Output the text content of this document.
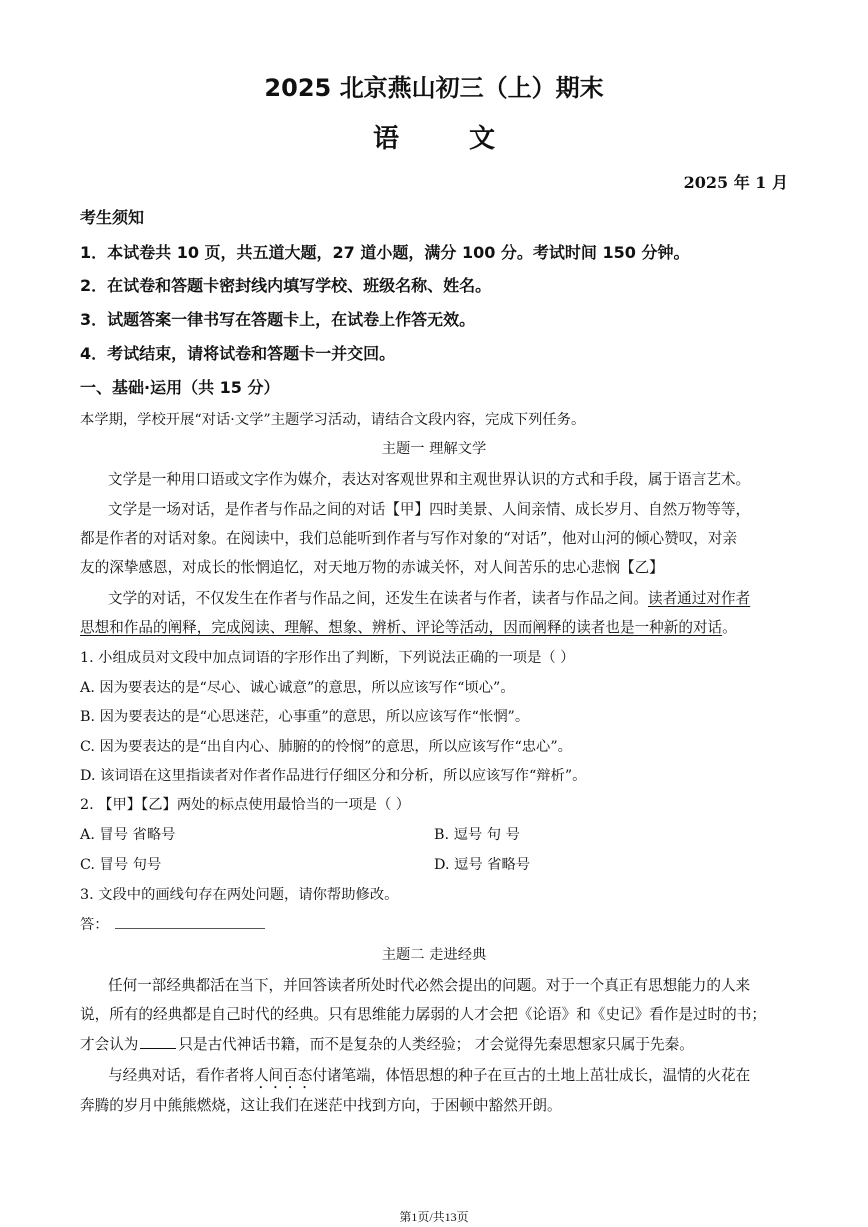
2025 北京燕山初三（上）期末
语	文
2025 年 1 月
考生须知
1．本试卷共 10 页，共五道大题，27 道小题，满分 100 分。考试时间 150 分钟。
2．在试卷和答题卡密封线内填写学校、班级名称、姓名。
3．试题答案一律书写在答题卡上，在试卷上作答无效。
4．考试结束，请将试卷和答题卡一并交回。
一、基础·运用（共 15 分）
本学期，学校开展“对话·文学”主题学习活动，请结合文段内容，完成下列任务。
主题一 理解文学
文学是一种用口语或文字作为媒介，表达对客观世界和主观世界认识的方式和手段，属于语言艺术。
文学是一场对话，是作者与作品之间的对话【甲】四时美景、人间亲情、成长岁月、自然万物等等，
都是作者的对话对象。在阅读中，我们总能听到作者与写作对象的“对话”，他对山河的倾心赞叹，对亲
友的深挚感恩，对成长的怅惘追忆，对天地万物的赤诚关怀，对人间苦乐的忠心悲悯【乙】
文学的对话，不仅发生在作者与作品之间，还发生在读者与作者，读者与作品之间。读者通过对作者
思想和作品的阐释，完成阅读、理解、想象、辨析、评论等活动，因而阐释的读者也是一种新的对话。
1. 小组成员对文段中加点词语的字形作出了判断，下列说法正确的一项是（ ）
A. 因为要表达的是“尽心、诚心诚意”的意思，所以应该写作“顷心”。
B. 因为要表达的是“心思迷茫，心事重”的意思，所以应该写作“怅惘”。
C. 因为要表达的是“出自内心、肺腑的的怜悯”的意思，所以应该写作“忠心”。
D. 该词语在这里指读者对作者作品进行仔细区分和分析，所以应该写作“辩析”。
2. 【甲】【乙】两处的标点使用最恰当的一项是（ ）
A. 冒号 省略号	B. 逗号 句 号
C. 冒号 句号	D. 逗号 省略号
3. 文段中的画线句存在两处问题，请你帮助修改。
答：
主题二 走进经典
任何一部经典都活在当下，并回答读者所处时代必然会提出的问题。对于一个真正有思想能力的人来
说，所有的经典都是自己时代的经典。只有思维能力孱弱的人才会把《论语》和《史记》看作是过时的书；
才会认为	只是古代神话书籍，而不是复杂的人类经验； 才会觉得先秦思想家只属于先秦。
与经典对话，看作者将人间百态付诸笔端，体悟思想的种子在亘古的土地上茁壮成长，温情的火花在
奔腾的岁月中熊熊燃烧，这让我们在迷茫中找到方向，于困顿中豁然开朗。
第1页/共13页
